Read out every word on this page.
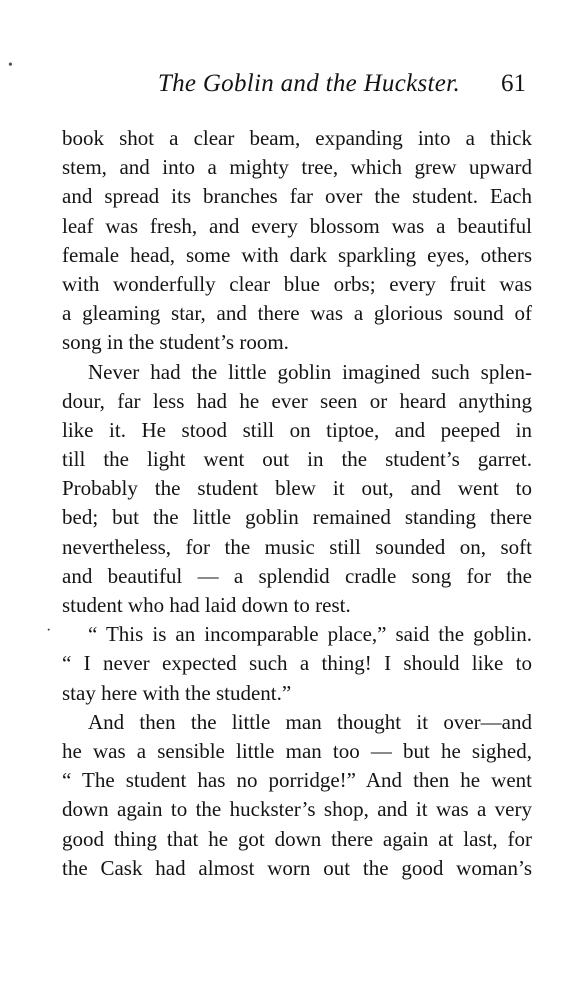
•
The Goblin and the Huckster. 61
book shot a clear beam, expanding into a thick
stem, and into a mighty tree, which grew upward
and spread its branches far over the student. Each
leaf was fresh, and every blossom was a beautiful
female head, some with dark sparkling eyes, others
with wonderfully clear blue orbs; every fruit was
a gleaming star, and there was a glorious sound of
song in the student’s room.
Never had the little goblin imagined such splen-
dour, far less had he ever seen or heard anything
like it. He stood still on tiptoe, and peeped in
till the light went out in the student’s garret.
Probably the student blew it out, and went to
bed; but the little goblin remained standing there
nevertheless, for the music still sounded on, soft
and beautiful — a splendid cradle song for the
student who had laid down to rest.
“ This is an incomparable place,” said the goblin.
“ I never expected such a thing! I should like to
stay here with the student.”
And then the little man thought it over—and
he was a sensible little man too — but he sighed,
“ The student has no porridge!” And then he went
down again to the huckster’s shop, and it was a very
good thing that he got down there again at last, for
the Cask had almost worn out the good woman’s
·
